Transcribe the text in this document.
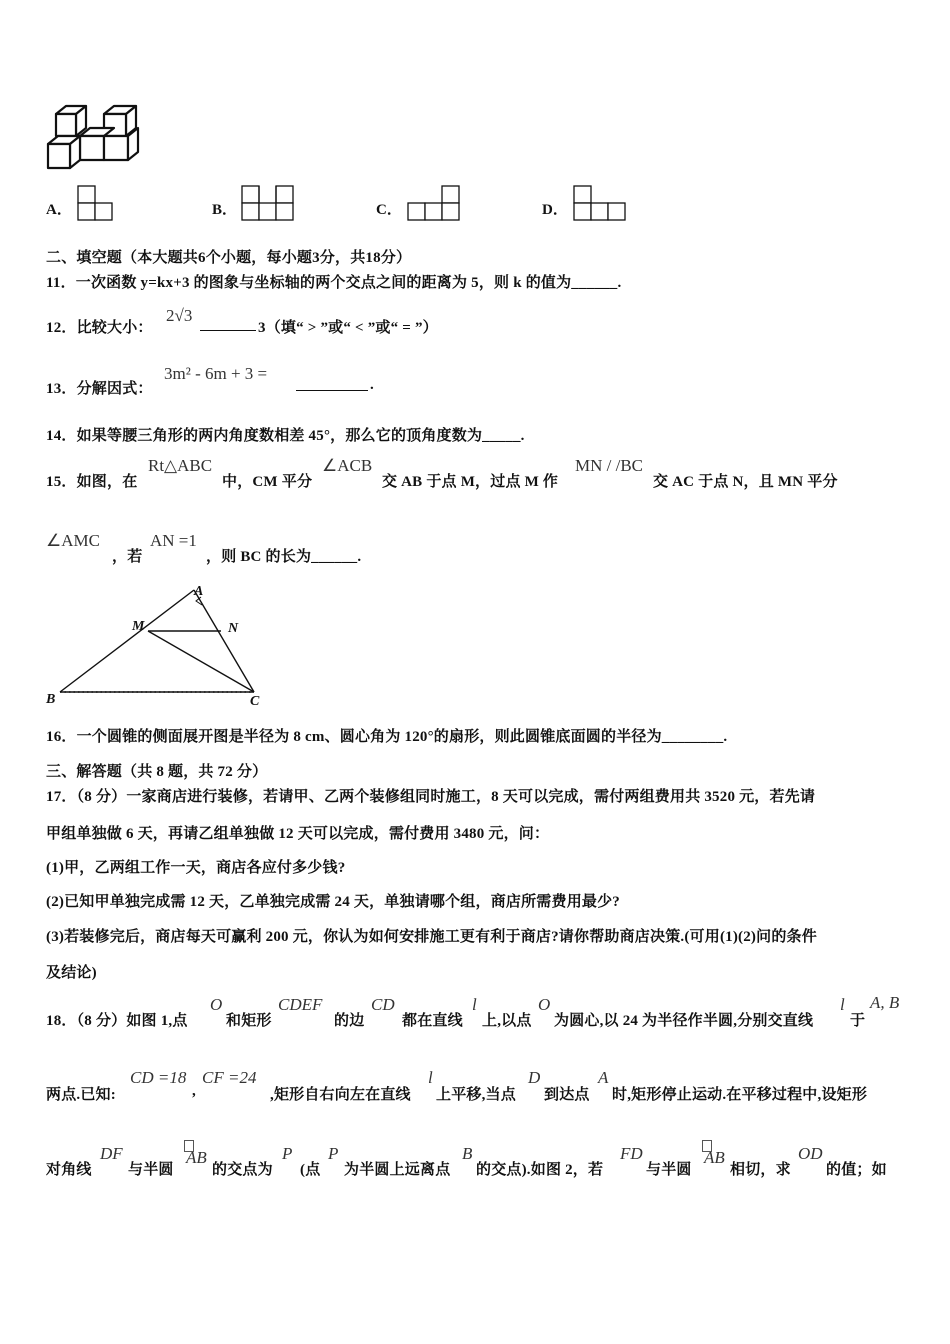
A．	B．	C．	D．
二、填空题（本大题共6个小题，每小题3分，共18分）
11．一次函数 y=kx+3 的图象与坐标轴的两个交点之间的距离为 5，则 k 的值为______.
12．比较大小：
2√3
3（填“ > ”或“ < ”或“ = ”）
13．分解因式：
3m² - 6m + 3 =
.
14．如果等腰三角形的两内角度数相差 45°，那么它的顶角度数为_____.
15．如图，在
Rt△ABC
中，CM 平分
∠ACB
交 AB 于点 M，过点 M 作
MN / /BC
交 AC 于点 N，且 MN 平分
∠AMC
，若
AN =1
，则 BC 的长为______.
A
M	N
B	C
16．一个圆锥的侧面展开图是半径为 8 cm、圆心角为 120°的扇形，则此圆锥底面圆的半径为________.
三、解答题（共 8 题，共 72 分）
17．（8 分）一家商店进行装修，若请甲、乙两个装修组同时施工，8 天可以完成，需付两组费用共 3520 元，若先请
甲组单独做 6 天，再请乙组单独做 12 天可以完成，需付费用 3480 元，问：
(1)甲，乙两组工作一天，商店各应付多少钱?
(2)已知甲单独完成需 12 天，乙单独完成需 24 天，单独请哪个组，商店所需费用最少?
(3)若装修完后，商店每天可赢利 200 元，你认为如何安排施工更有利于商店?请你帮助商店决策.(可用(1)(2)问的条件
及结论)
18．（8 分）如图 1,点
O
和矩形
CDEF
的边
CD
都在直线
l
上,以点
O
为圆心,以 24 为半径作半圆,分别交直线
l
于
A, B
两点.已知:
CD =18
,
CF =24
,矩形自右向左在直线
l
上平移,当点
D
到达点
A
时,矩形停止运动.在平移过程中,设矩形
对角线
DF
与半圆
AB
的交点为
P
(点
P
为半圆上远离点
B
的交点).如图 2，若
FD
与半圆
AB
相切，求
OD
的值；如
